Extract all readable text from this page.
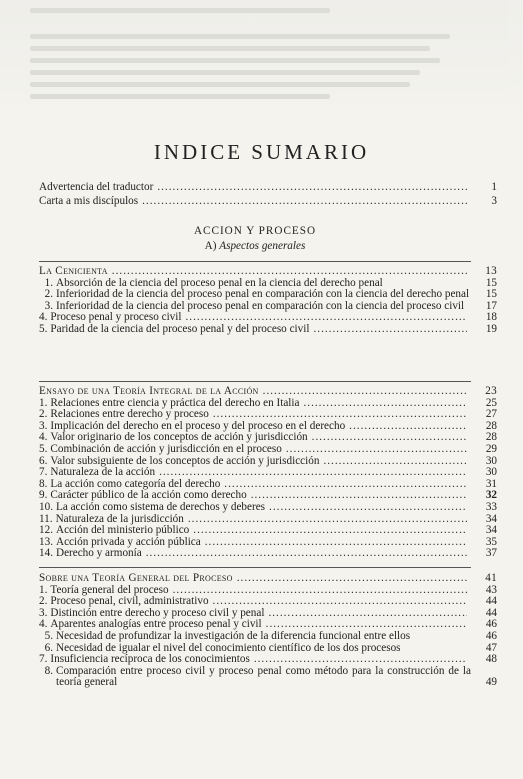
INDICE SUMARIO
Advertencia del traductor .....	1
Carta a mis discípulos .....	3
ACCION Y PROCESO
A) Aspectos generales
La Cenicienta .....	13
1. Absorción de la ciencia del proceso penal en la ciencia del derecho penal	15
2. Inferioridad de la ciencia del proceso penal en comparación con la ciencia del derecho penal	15
3. Inferioridad de la ciencia del proceso penal en comparación con la ciencia del proceso civil	17
4. Proceso penal y proceso civil .....	18
5. Paridad de la ciencia del proceso penal y del proceso civil .....	19
Ensayo de una Teoría Integral de la Acción .....	23
1. Relaciones entre ciencia y práctica del derecho en Italia .....	25
2. Relaciones entre derecho y proceso .....	27
3. Implicación del derecho en el proceso y del proceso en el derecho .....	28
4. Valor originario de los conceptos de acción y jurisdicción .....	28
5. Combinación de acción y jurisdicción en el proceso .....	29
6. Valor subsiguiente de los conceptos de acción y jurisdicción .....	30
7. Naturaleza de la acción .....	30
8. La acción como categoría del derecho .....	31
9. Carácter público de la acción como derecho .....	32
10. La acción como sistema de derechos y deberes .....	33
11. Naturaleza de la jurisdicción .....	34
12. Acción del ministerio público .....	34
13. Acción privada y acción pública .....	35
14. Derecho y armonía .....	37
Sobre una Teoría General del Proceso .....	41
1. Teoría general del proceso .....	43
2. Proceso penal, civil, administrativo .....	44
3. Distinción entre derecho y proceso civil y penal .....	44
4. Aparentes analogías entre proceso penal y civil .....	46
5. Necesidad de profundizar la investigación de la diferencia funcional entre ellos	46
6. Necesidad de igualar el nivel del conocimiento científico de los dos procesos	47
7. Insuficiencia recíproca de los conocimientos .....	48
8. Comparación entre proceso civil y proceso penal como método para la construcción de la teoría general	49
